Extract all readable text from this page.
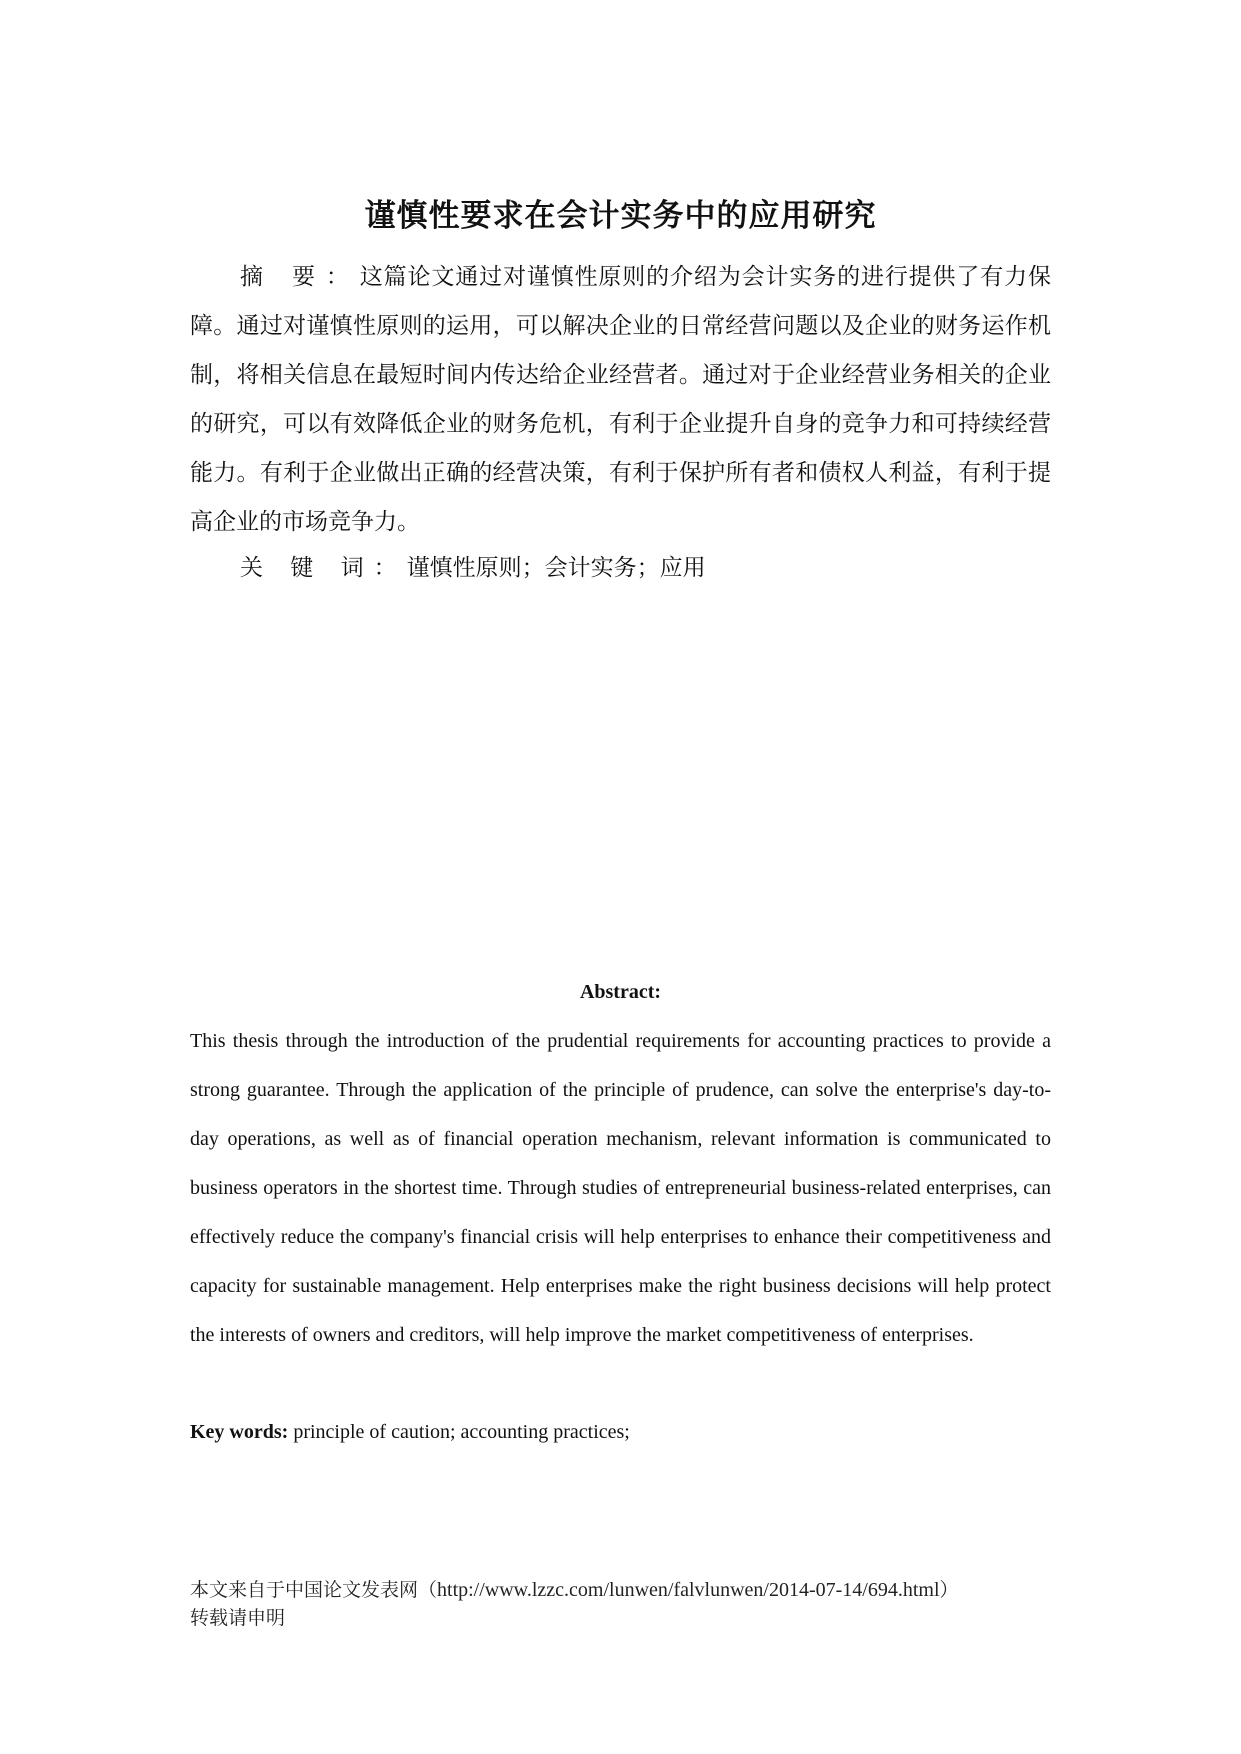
谨慎性要求在会计实务中的应用研究

摘 要：这篇论文通过对谨慎性原则的介绍为会计实务的进行提供了有力保障。通过对谨慎性原则的运用，可以解决企业的日常经营问题以及企业的财务运作机制，将相关信息在最短时间内传达给企业经营者。通过对于企业经营业务相关的企业的研究，可以有效降低企业的财务危机，有利于企业提升自身的竞争力和可持续经营能力。有利于企业做出正确的经营决策，有利于保护所有者和债权人利益，有利于提高企业的市场竞争力。

关 键 词：谨慎性原则；会计实务；应用

Abstract:

This thesis through the introduction of the prudential requirements for accounting practices to provide a strong guarantee. Through the application of the principle of prudence, can solve the enterprise's day-to-day operations, as well as of financial operation mechanism, relevant information is communicated to business operators in the shortest time. Through studies of entrepreneurial business-related enterprises, can effectively reduce the company's financial crisis will help enterprises to enhance their competitiveness and capacity for sustainable management. Help enterprises make the right business decisions will help protect the interests of owners and creditors, will help improve the market competitiveness of enterprises.

Key words: principle of caution; accounting practices;

本文来自于中国论文发表网（http://www.lzzc.com/lunwen/falvlunwen/2014-07-14/694.html）
转载请申明
